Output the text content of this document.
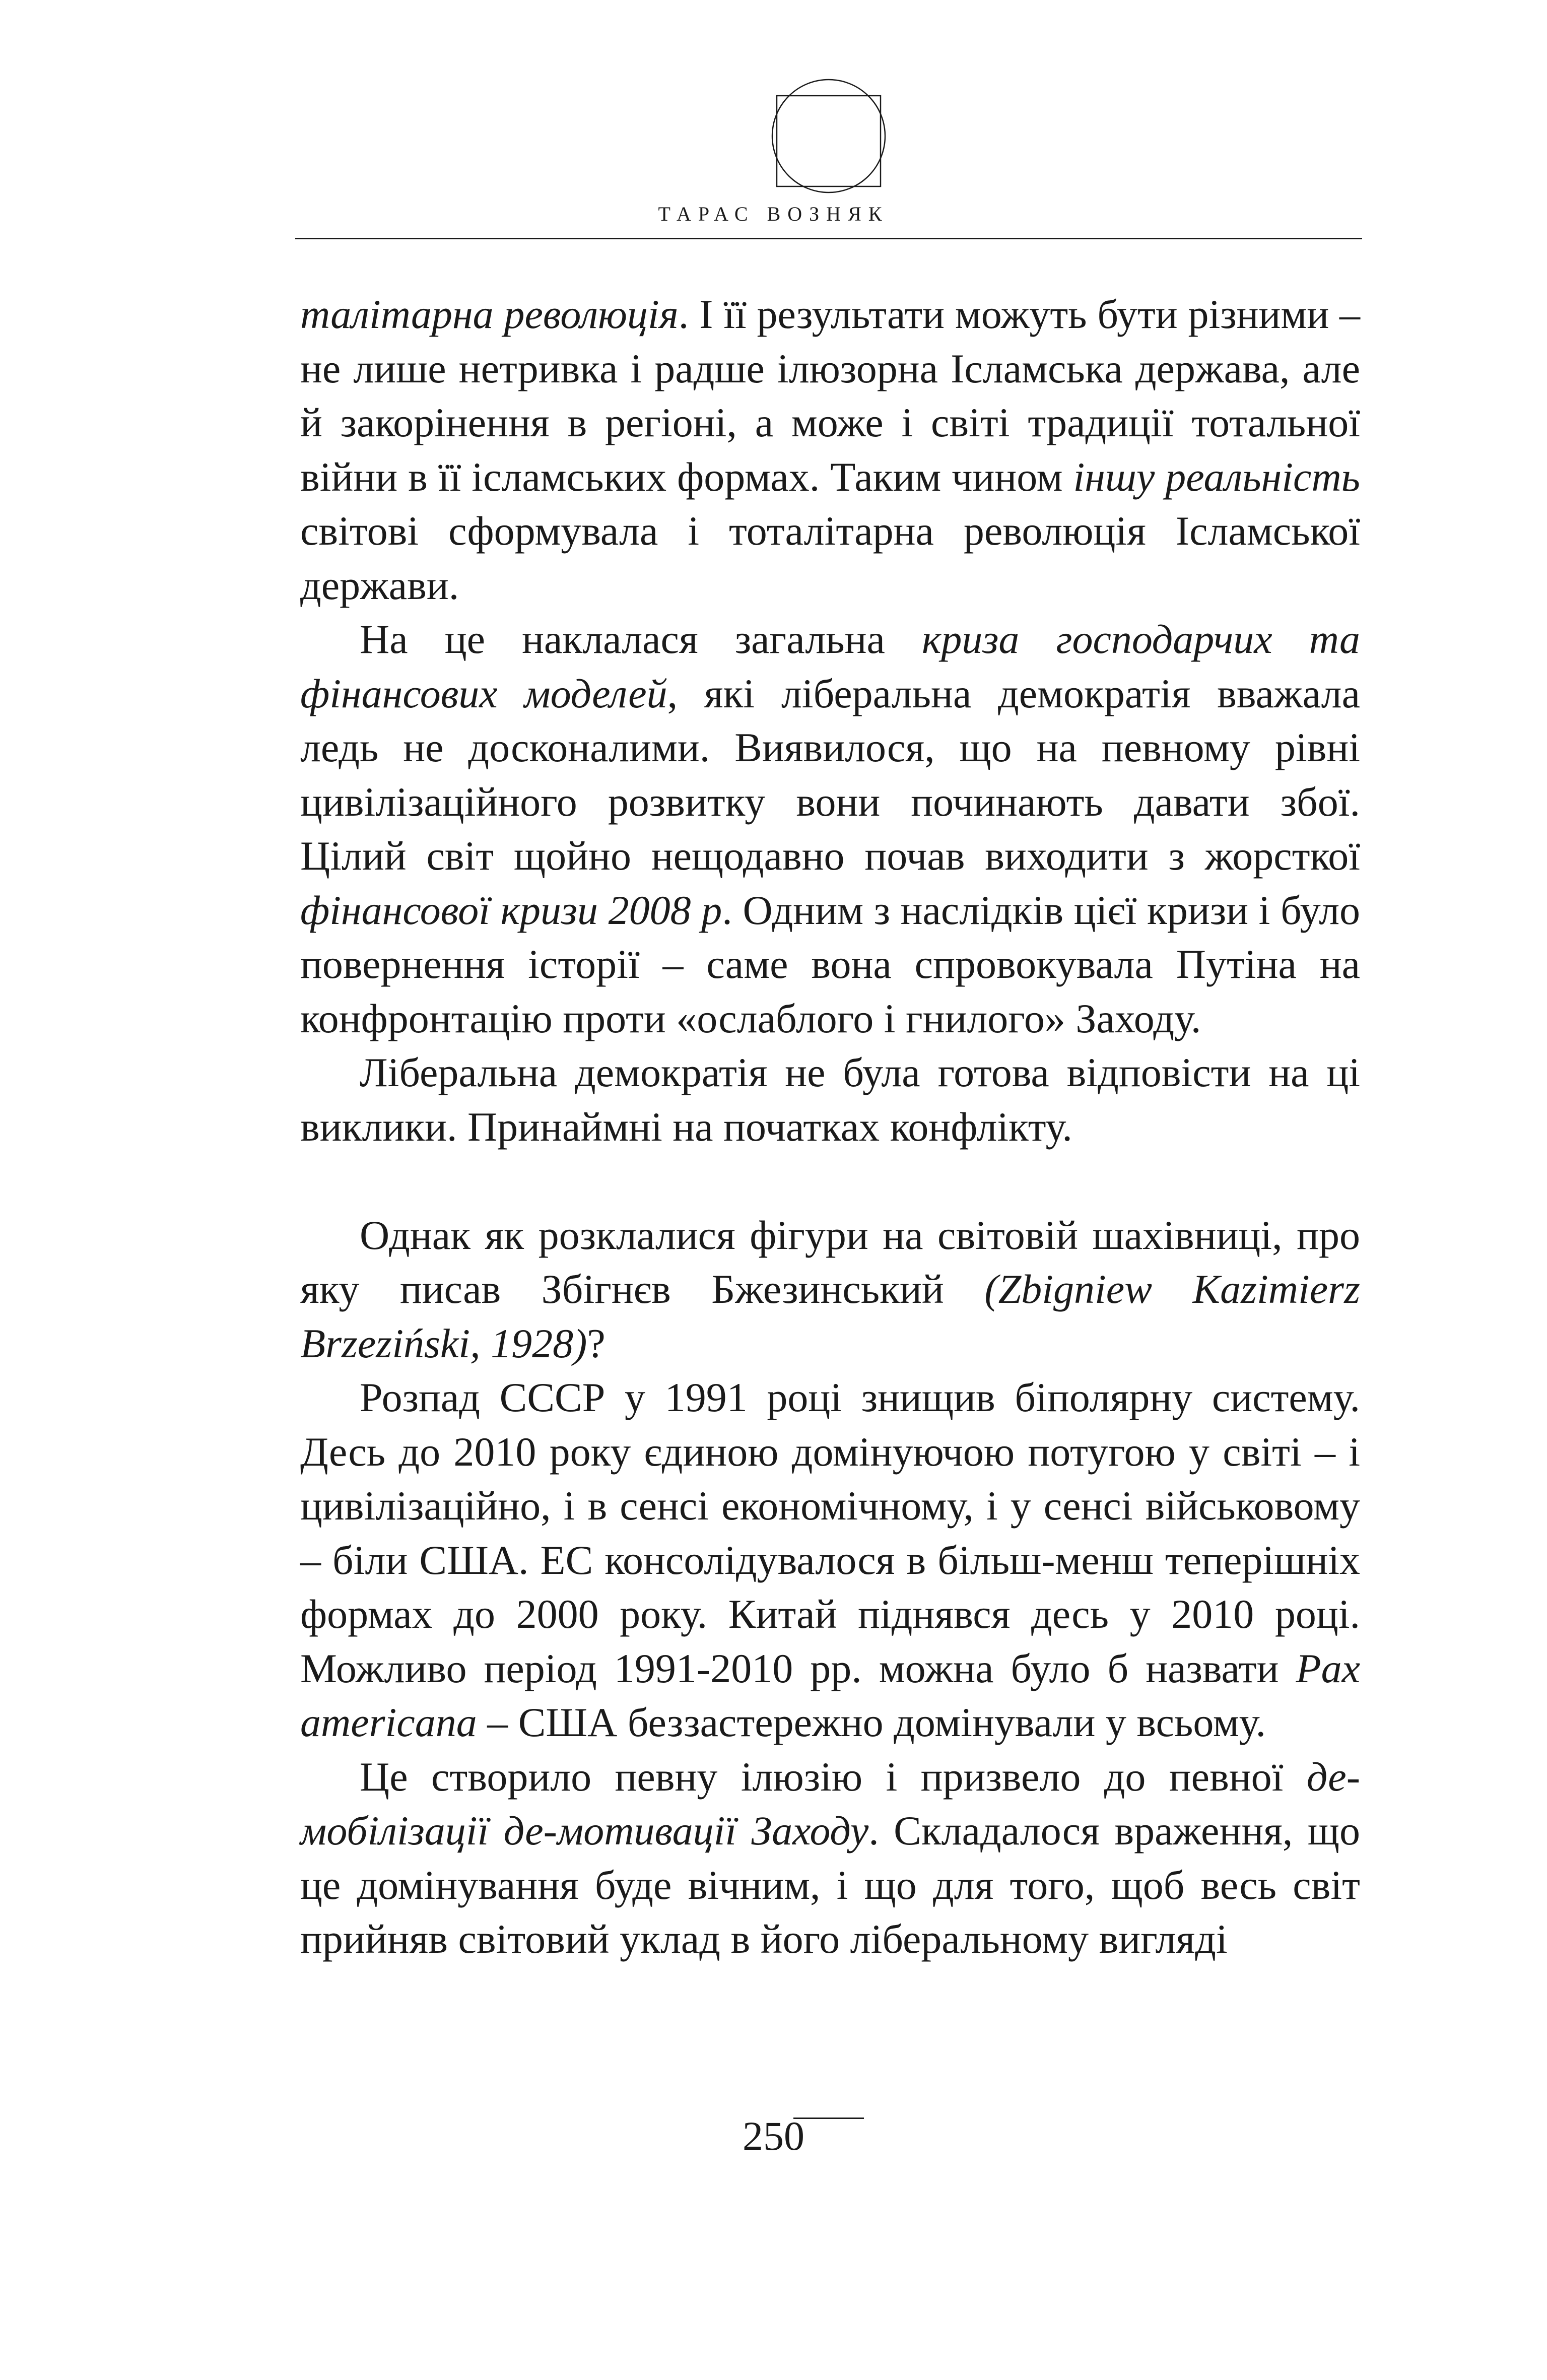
ТАРАС ВОЗНЯК

талітарна революція. І її результати можуть бути різними – не лише нетривка і радше ілюзорна Ісламська держава, але й закорінення в регіоні, а може і світі традиції тотальної війни в її ісламських формах. Таким чином іншу реальність світові сформувала і тоталітарна революція Ісламської держави.

На це наклалася загальна криза господарчих та фінансових моделей, які ліберальна демократія вважала ледь не досконалими. Виявилося, що на певному рівні цивілізаційного розвитку вони починають давати збої. Цілий світ щойно нещодавно почав виходити з жорсткої фінансової кризи 2008 р. Одним з наслідків цієї кризи і було повернення історії – саме вона спровокувала Путіна на конфронтацію проти «ослаблого і гнилого» Заходу.

Ліберальна демократія не була готова відповісти на ці виклики. Принаймні на початках конфлікту.

Однак як розклалися фігури на світовій шахівниці, про яку писав Збігнєв Бжезинський (Zbigniew Kazimierz Brzeziński, 1928)?

Розпад СССР у 1991 році знищив біполярну систему. Десь до 2010 року єдиною домінуючою потугою у світі – і цивілізаційно, і в сенсі економічному, і у сенсі військовому – біли США. ЕС консолідувалося в більш-менш теперішніх формах до 2000 року. Китай піднявся десь у 2010 році. Можливо період 1991-2010 рр. можна було б назвати Pax americana – США беззастережно домінували у всьому.

Це створило певну ілюзію і призвело до певної де-мобілізації де-мотивації Заходу. Складалося враження, що це домінування буде вічним, і що для того, щоб весь світ прийняв світовий уклад в його ліберальному вигляді

250
